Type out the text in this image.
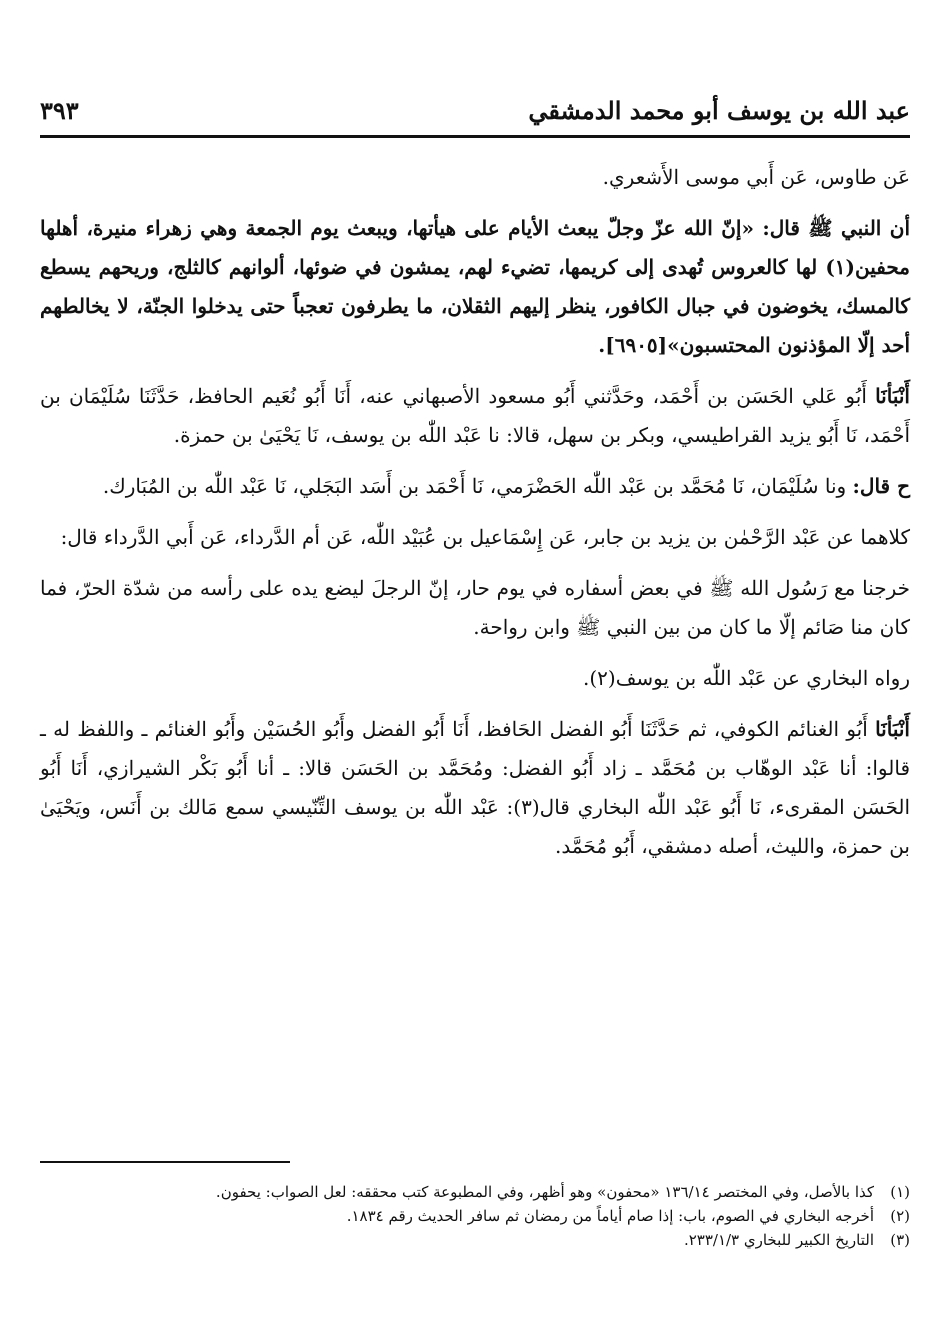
عبد الله بن يوسف أبو محمد الدمشقي
٣٩٣

عَن طاوس، عَن أَبي موسى الأَشعري.

أن النبي ﷺ قال: «إنّ الله عزّ وجلّ يبعث الأيام على هيأتها، ويبعث يوم الجمعة وهي زهراء منيرة، أهلها محفين(١) لها كالعروس تُهدى إلى كريمها، تضيء لهم، يمشون في ضوئها، ألوانهم كالثلج، وريحهم يسطع كالمسك، يخوضون في جبال الكافور، ينظر إليهم الثقلان، ما يطرفون تعجباً حتى يدخلوا الجنّة، لا يخالطهم أحد إلّا المؤذنون المحتسبون»[٦٩٠٥].

أَنْبَأنَا أَبُو عَلي الحَسَن بن أَحْمَد، وحَدَّثني أَبُو مسعود الأصبهاني عنه، أَنَا أَبُو نُعَيم الحافظ، حَدَّثَنَا سُلَيْمَان بن أَحْمَد، نَا أَبُو يزيد القراطيسي، وبكر بن سهل، قالا: نا عَبْد اللّٰه بن يوسف، نَا يَحْيَىٰ بن حمزة.

ح قال: ونا سُلَيْمَان، نَا مُحَمَّد بن عَبْد اللّٰه الحَضْرَمي، نَا أَحْمَد بن أَسَد البَجَلي، نَا عَبْد اللّٰه بن المُبَارك.

كلاهما عن عَبْد الرَّحْمٰن بن يزيد بن جابر، عَن إِسْمَاعيل بن عُبَيْد اللّٰه، عَن أم الدَّرداء، عَن أَبي الدَّرداء قال:

خرجنا مع رَسُول الله ﷺ في بعض أسفاره في يوم حار، إنّ الرجلَ ليضع يده على رأسه من شدّة الحرّ، فما كان منا صَائم إلّا ما كان من بين النبي ﷺ وابن رواحة.

رواه البخاري عن عَبْد اللّٰه بن يوسف(٢).

أَنْبَأنَا أَبُو الغنائم الكوفي، ثم حَدَّثَنَا أَبُو الفضل الحَافظ، أَنَا أَبُو الفضل وأَبُو الحُسَيْن وأَبُو الغنائم ـ واللفظ له ـ قالوا: أنا عَبْد الوهّاب بن مُحَمَّد ـ زاد أَبُو الفضل: ومُحَمَّد بن الحَسَن قالا: ـ أنا أَبُو بَكْر الشيرازي، أَنَا أَبُو الحَسَن المقرىء، نَا أَبُو عَبْد اللّٰه البخاري قال(٣): عَبْد اللّٰه بن يوسف التِّنّيسي سمع مَالك بن أَنَس، ويَحْيَىٰ بن حمزة، والليث، أصله دمشقي، أَبُو مُحَمَّد.

(١)
كذا بالأصل، وفي المختصر ١٣٦/١٤ «محفون» وهو أظهر، وفي المطبوعة كتب محققه: لعل الصواب: يحفون.
(٢)
أخرجه البخاري في الصوم، باب: إذا صام أياماً من رمضان ثم سافر الحديث رقم ١٨٣٤.
(٣)
التاريخ الكبير للبخاري ٢٣٣/١/٣.
